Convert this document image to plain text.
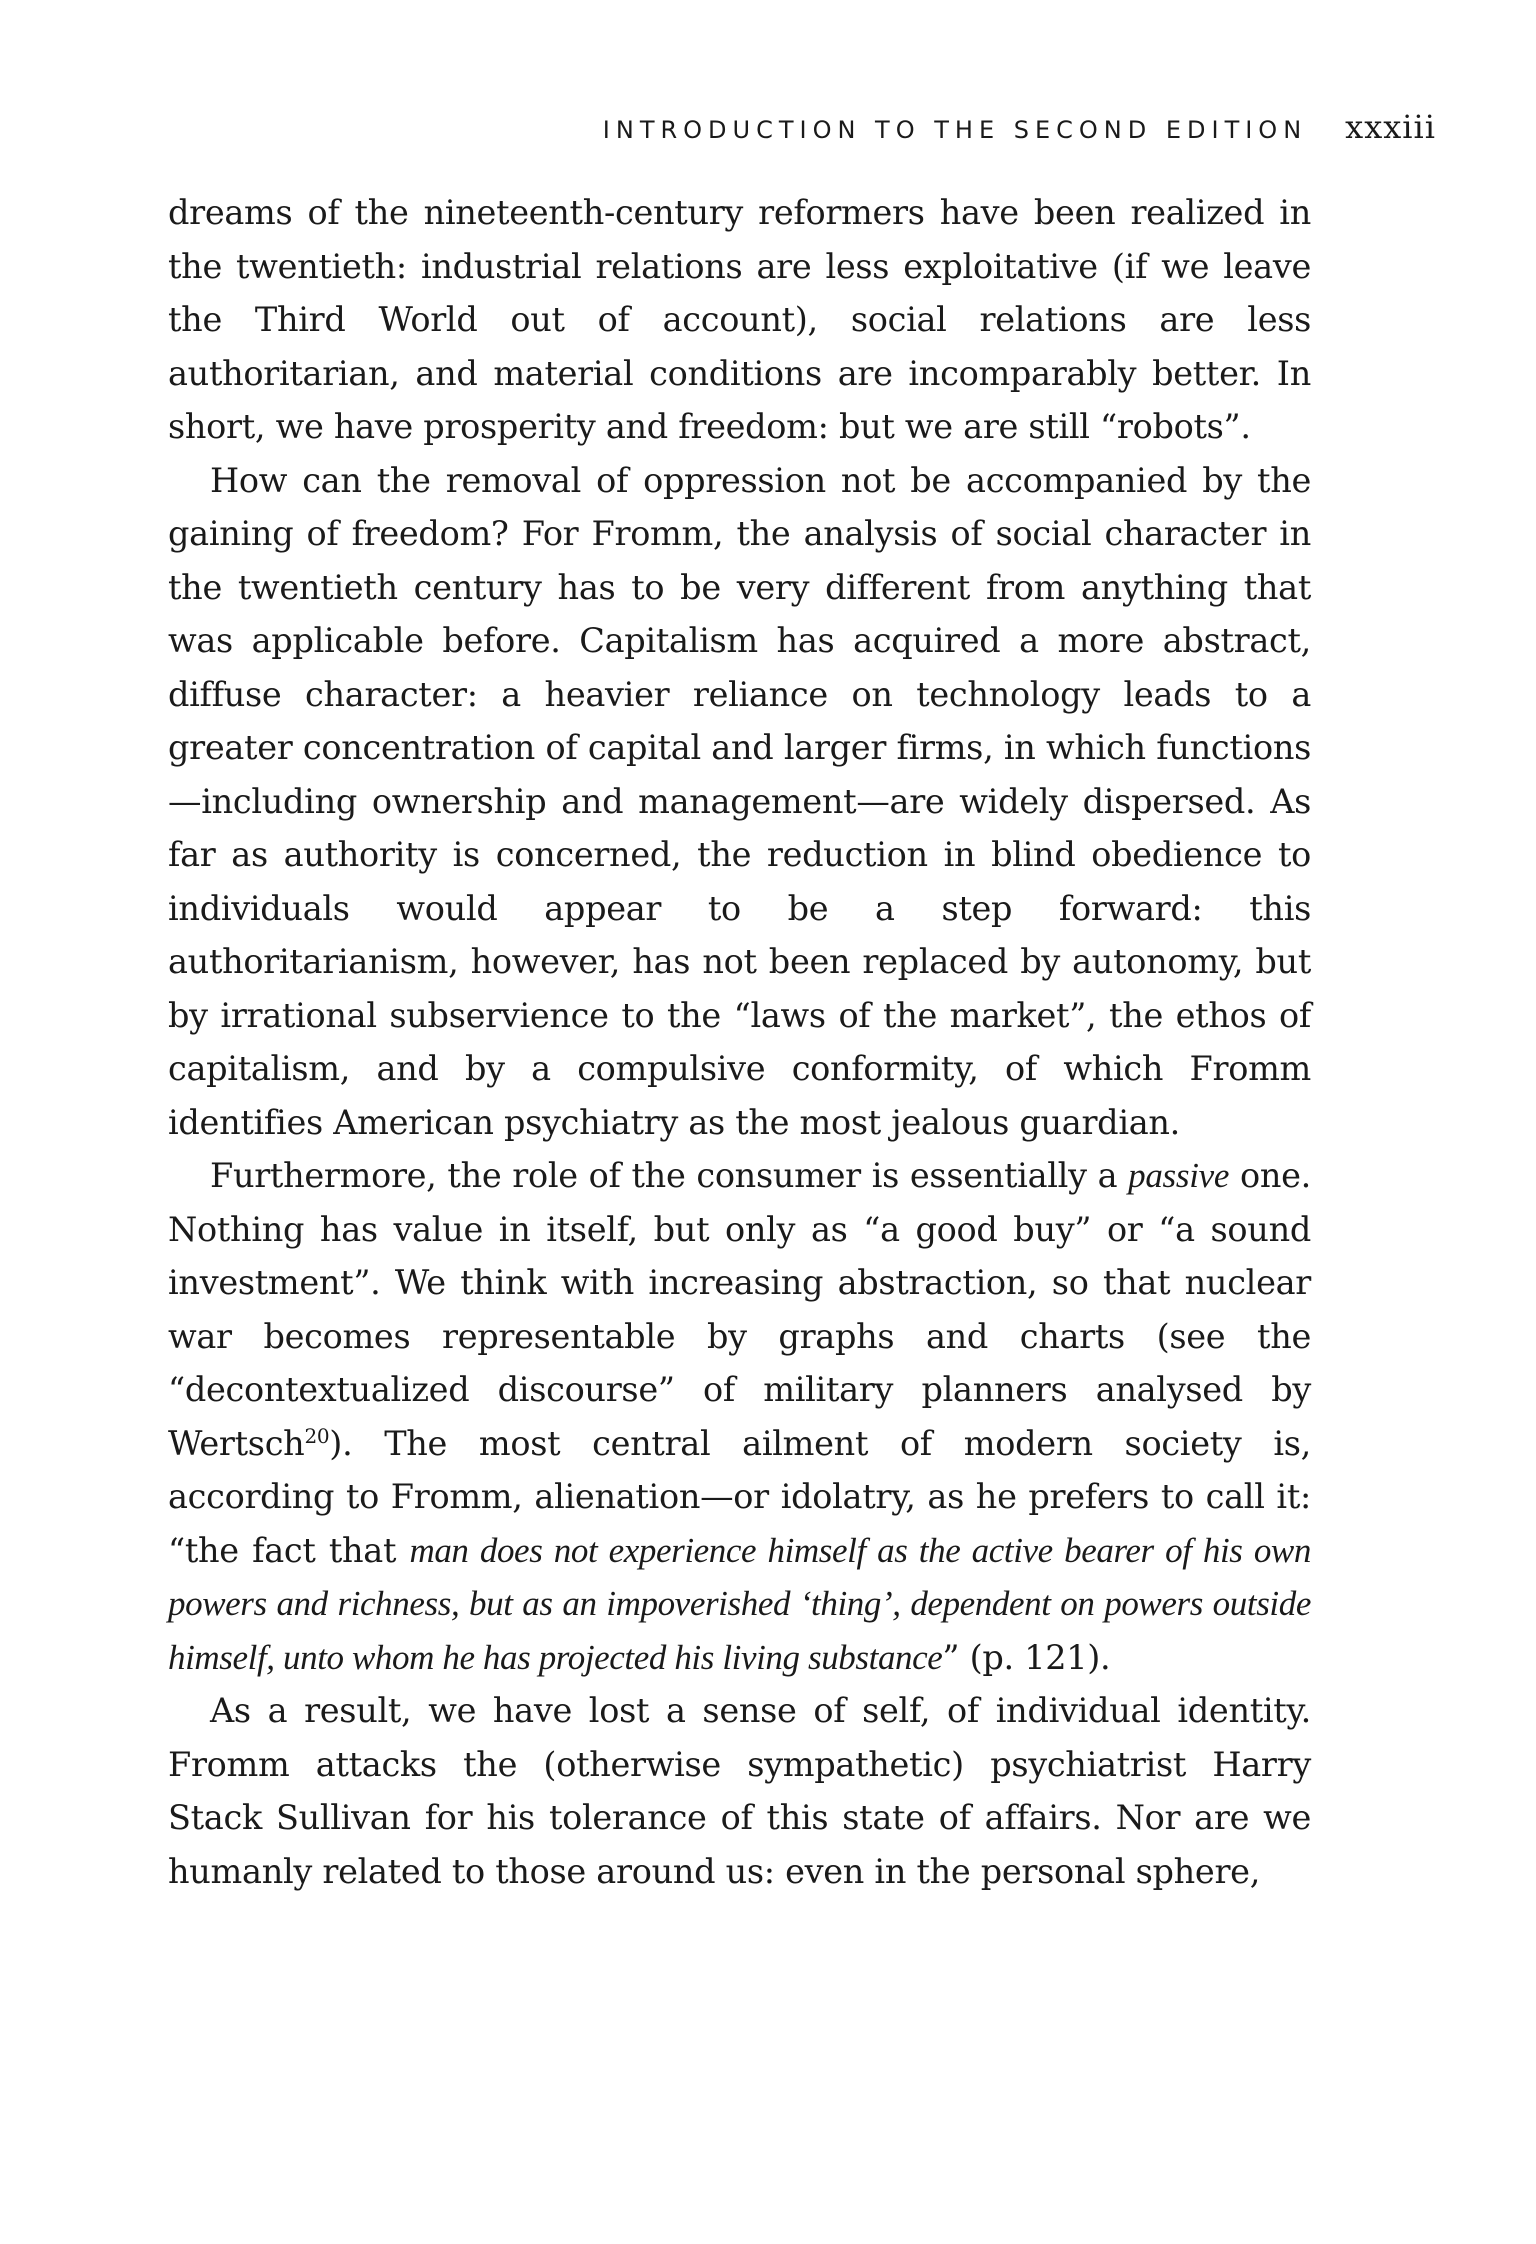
INTRODUCTION TO THE SECOND EDITION xxxiii

dreams of the nineteenth-century reformers have been realized in the twentieth: industrial relations are less exploitative (if we leave the Third World out of account), social relations are less authoritarian, and material conditions are incomparably better. In short, we have prosperity and freedom: but we are still “robots”.

How can the removal of oppression not be accompanied by the gaining of freedom? For Fromm, the analysis of social character in the twentieth century has to be very different from anything that was applicable before. Capitalism has acquired a more abstract, diffuse character: a heavier reliance on technology leads to a greater concentration of capital and larger firms, in which functions—including ownership and management—are widely dispersed. As far as authority is concerned, the reduction in blind obedience to individuals would appear to be a step forward: this authoritarianism, however, has not been replaced by autonomy, but by irrational subservience to the “laws of the market”, the ethos of capitalism, and by a compulsive conformity, of which Fromm identifies American psychiatry as the most jealous guardian.

Furthermore, the role of the consumer is essentially a passive one. Nothing has value in itself, but only as “a good buy” or “a sound investment”. We think with increasing abstraction, so that nuclear war becomes representable by graphs and charts (see the “decontextualized discourse” of military planners analysed by Wertsch$^{20}$). The most central ailment of modern society is, according to Fromm, alienation—or idolatry, as he prefers to call it: “the fact that man does not experience himself as the active bearer of his own powers and richness, but as an impoverished ‘thing’, dependent on powers outside himself, unto whom he has projected his living substance” (p. 121).

As a result, we have lost a sense of self, of individual identity. Fromm attacks the (otherwise sympathetic) psychiatrist Harry Stack Sullivan for his tolerance of this state of affairs. Nor are we humanly related to those around us: even in the personal sphere,
